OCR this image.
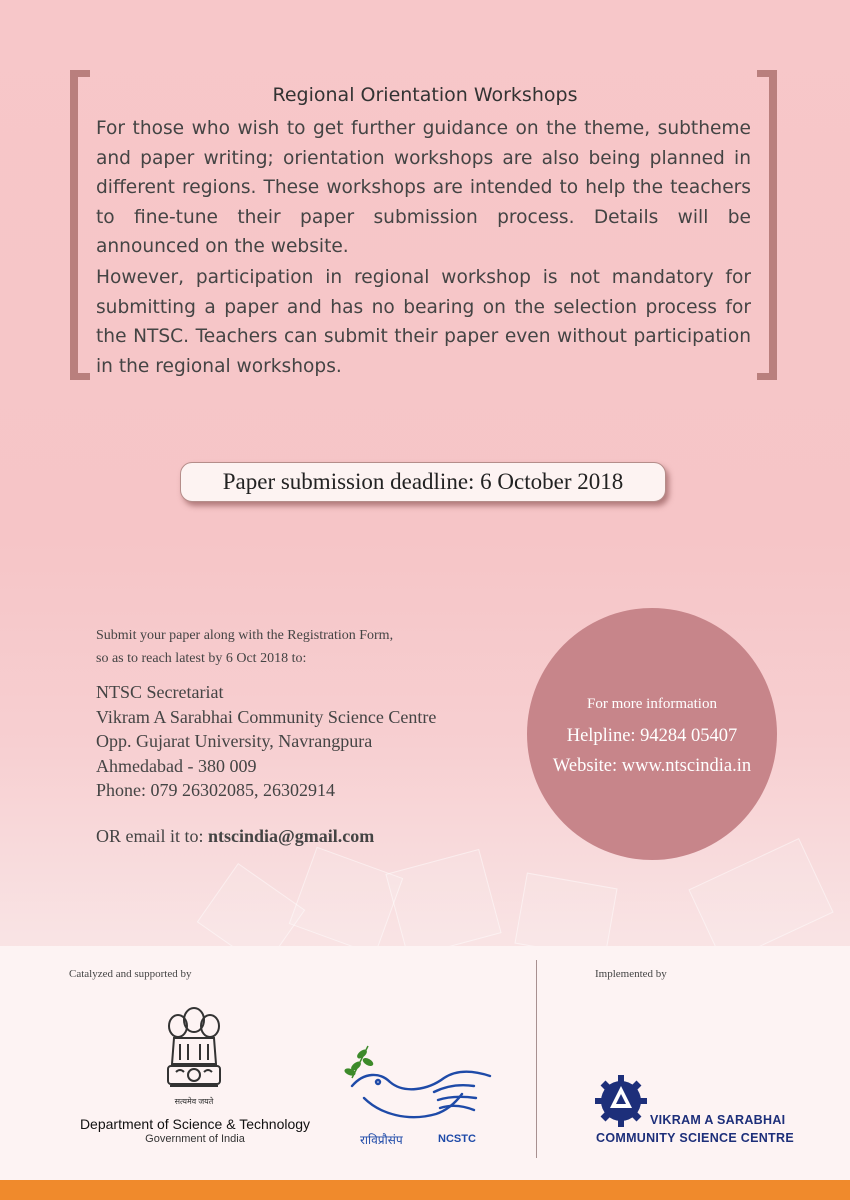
Regional Orientation Workshops

For those who wish to get further guidance on the theme, subtheme and paper writing; orientation workshops are also being planned in different regions. These workshops are intended to help the teachers to fine-tune their paper submission process. Details will be announced on the website.

However, participation in regional workshop is not mandatory for submitting a paper and has no bearing on the selection process for the NTSC. Teachers can submit their paper even without participation in the regional workshops.

Paper submission deadline: 6 October 2018
Submit your paper along with the Registration Form,
so as to reach latest by 6 Oct 2018 to:
NTSC Secretariat
Vikram A Sarabhai Community Science Centre
Opp. Gujarat University, Navrangpura
Ahmedabad - 380 009
Phone: 079 26302085, 26302914
OR email it to: ntscindia@gmail.com
For more information
Helpline: 94284 05407
Website: www.ntscindia.in
Catalyzed and supported by	Implemented by
सत्यमेव जयते
Department of Science & Technology
Government of India	राविप्रौसंप	NCSTC
VIKRAM A SARABHAI
COMMUNITY SCIENCE CENTRE
